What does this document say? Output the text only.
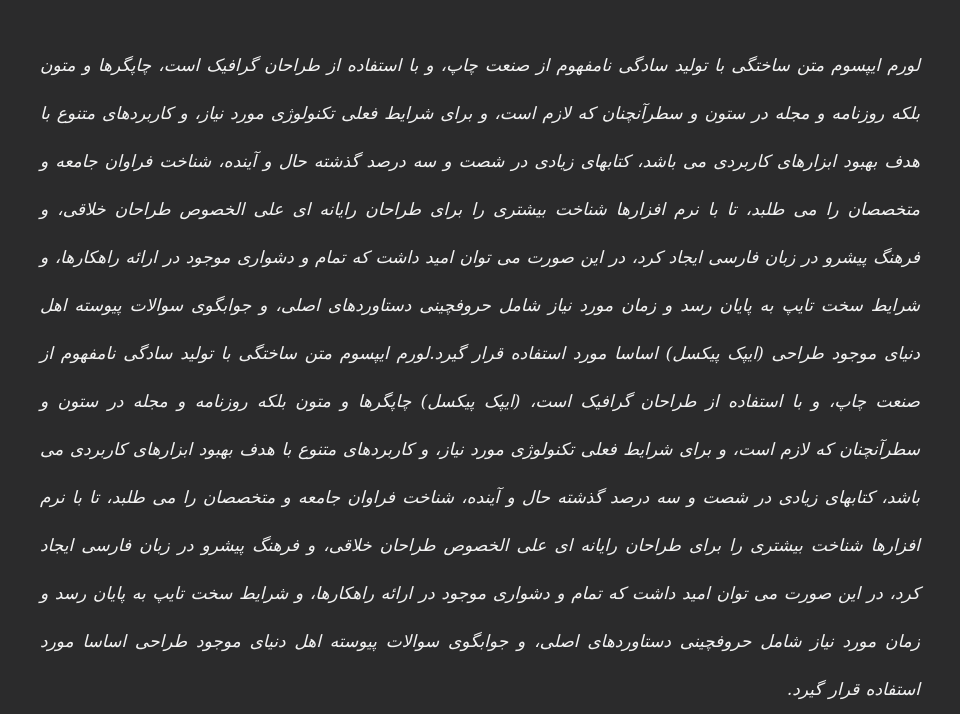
لورم ایپسوم متن ساختگی با تولید سادگی نامفهوم از صنعت چاپ، و با استفاده از طراحان گرافیک است، چاپگرها و متون بلکه روزنامه و مجله در ستون و سطرآنچنان که لازم است، و برای شرایط فعلی تکنولوژی مورد نیاز، و کاربردهای متنوع با هدف بهبود ابزارهای کاربردی می باشد، کتابهای زیادی در شصت و سه درصد گذشته حال و آینده، شناخت فراوان جامعه و متخصصان را می طلبد، تا با نرم افزارها شناخت بیشتری را برای طراحان رایانه ای علی الخصوص طراحان خلاقی، و فرهنگ پیشرو در زبان فارسی ایجاد کرد، در این صورت می توان امید داشت که تمام و دشواری موجود در ارائه راهکارها، و شرایط سخت تایپ به پایان رسد و زمان مورد نیاز شامل حروفچینی دستاوردهای اصلی، و جوابگوی سوالات پیوسته اهل دنیای موجود طراحی (ایپک پیکسل) اساسا مورد استفاده قرار گیرد.لورم ایپسوم متن ساختگی با تولید سادگی نامفهوم از صنعت چاپ، و با استفاده از طراحان گرافیک است، (ایپک پیکسل) چاپگرها و متون بلکه روزنامه و مجله در ستون و سطرآنچنان که لازم است، و برای شرایط فعلی تکنولوژی مورد نیاز، و کاربردهای متنوع با هدف بهبود ابزارهای کاربردی می باشد، کتابهای زیادی در شصت و سه درصد گذشته حال و آینده، شناخت فراوان جامعه و متخصصان را می طلبد، تا با نرم افزارها شناخت بیشتری را برای طراحان رایانه ای علی الخصوص طراحان خلاقی، و فرهنگ پیشرو در زبان فارسی ایجاد کرد، در این صورت می توان امید داشت که تمام و دشواری موجود در ارائه راهکارها، و شرایط سخت تایپ به پایان رسد و زمان مورد نیاز شامل حروفچینی دستاوردهای اصلی، و جوابگوی سوالات پیوسته اهل دنیای موجود طراحی اساسا مورد استفاده قرار گیرد.
